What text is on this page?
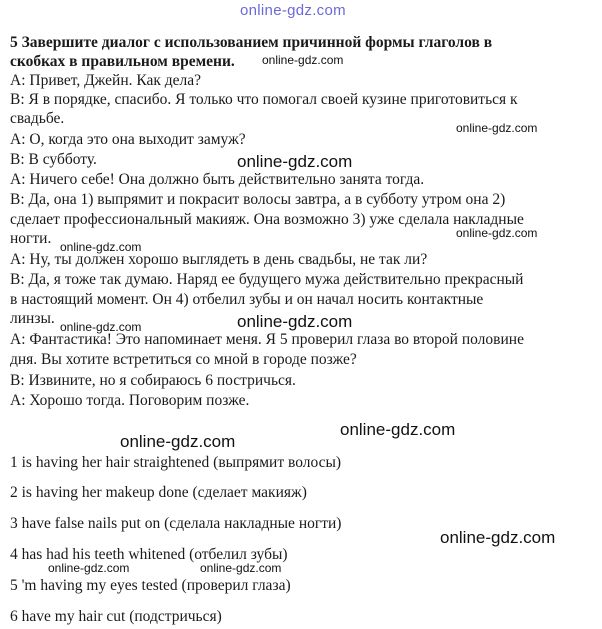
online-gdz.com
5 Завершите диалог с использованием причинной формы глаголов в
скобках в правильном времени.
A: Привет, Джейн. Как дела?
B: Я в порядке, спасибо. Я только что помогал своей кузине приготовиться к
свадьбе.
A: О, когда это она выходит замуж?
B: В субботу.
A: Ничего себе! Она должно быть действительно занята тогда.
B: Да, она 1) выпрямит и покрасит волосы завтра, а в субботу утром она 2)
сделает профессиональный макияж. Она возможно 3) уже сделала накладные
ногти.
A: Ну, ты должен хорошо выглядеть в день свадьбы, не так ли?
B: Да, я тоже так думаю. Наряд ее будущего мужа действительно прекрасный
в настоящий момент. Он 4) отбелил зубы и он начал носить контактные
линзы.
A: Фантастика! Это напоминает меня. Я 5 проверил глаза во второй половине
дня. Вы хотите встретиться со мной в городе позже?
B: Извините, но я собираюсь 6 постричься.
A: Хорошо тогда. Поговорим позже.
1 is having her hair straightened (выпрямит волосы)
2 is having her makeup done (сделает макияж)
3 have false nails put on (сделала накладные ногти)
4 has had his teeth whitened (отбелил зубы)
5 'm having my eyes tested (проверил глаза)
6 have my hair cut (подстричься)
online-gdz.com
online-gdz.com
online-gdz.com
online-gdz.com
online-gdz.com
online-gdz.com	online-gdz.com
online-gdz.com
online-gdz.com
online-gdz.com
online-gdz.com	online-gdz.com
